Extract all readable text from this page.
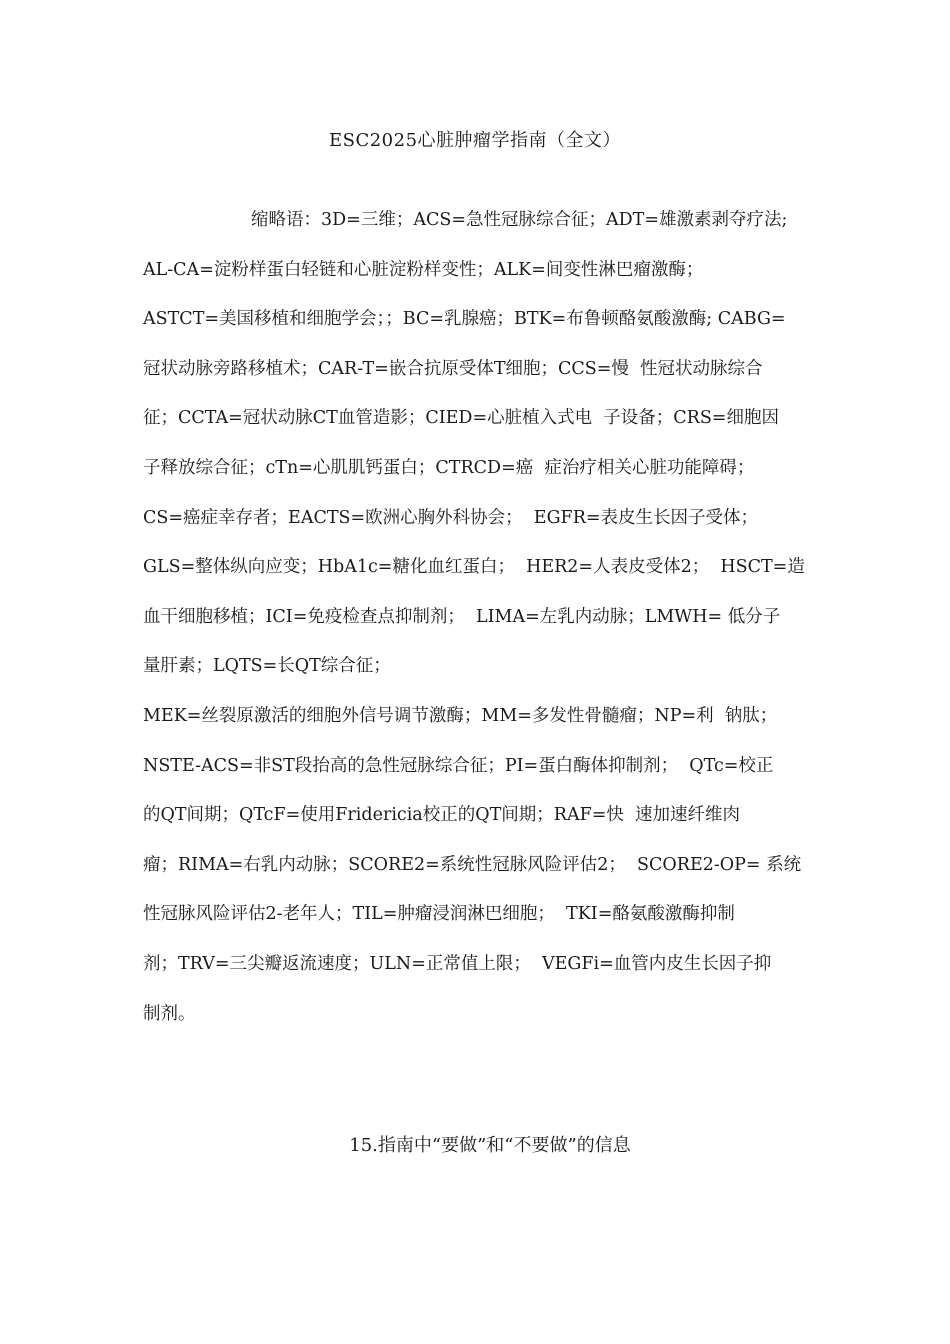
ESC2025心脏肿瘤学指南（全文）
缩略语：3D=三维；ACS=急性冠脉综合征；ADT=雄激素剥夺疗法;
AL-CA=淀粉样蛋白轻链和心脏淀粉样变性；ALK=间变性淋巴瘤激酶；
ASTCT=美国移植和细胞学会；；BC=乳腺癌；BTK=布鲁顿酪氨酸激酶; CABG=
冠状动脉旁路移植术；CAR-T=嵌合抗原受体T细胞；CCS=慢  性冠状动脉综合
征；CCTA=冠状动脉CT血管造影；CIED=心脏植入式电  子设备；CRS=细胞因
子释放综合征；cTn=心肌肌钙蛋白；CTRCD=癌  症治疗相关心脏功能障碍；
CS=癌症幸存者；EACTS=欧洲心胸外科协会；  EGFR=表皮生长因子受体；
GLS=整体纵向应变；HbA1c=糖化血红蛋白；  HER2=人表皮受体2；  HSCT=造
血干细胞移植；ICI=免疫检查点抑制剂；  LIMA=左乳内动脉；LMWH= 低分子
量肝素；LQTS=长QT综合征；
MEK=丝裂原激活的细胞外信号调节激酶；MM=多发性骨髓瘤；NP=利  钠肽；
NSTE-ACS=非ST段抬高的急性冠脉综合征；PI=蛋白酶体抑制剂；  QTc=校正
的QT间期；QTcF=使用Fridericia校正的QT间期；RAF=快  速加速纤维肉
瘤；RIMA=右乳内动脉；SCORE2=系统性冠脉风险评估2；  SCORE2-OP= 系统
性冠脉风险评估2-老年人；TIL=肿瘤浸润淋巴细胞；  TKI=酪氨酸激酶抑制
剂；TRV=三尖瓣返流速度；ULN=正常值上限；  VEGFi=血管内皮生长因子抑
制剂。
15.指南中“要做”和“不要做”的信息
